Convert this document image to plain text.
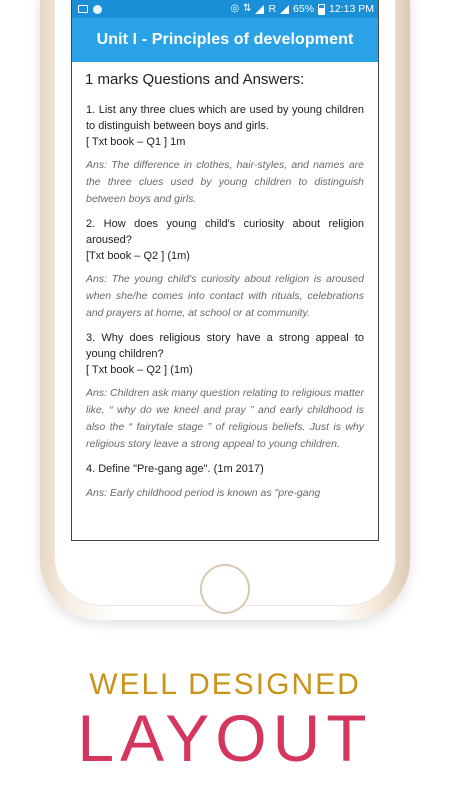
◎ ⇅ R 65% 12:13 PM
Unit I - Principles of development
1 marks Questions and Answers:
1. List any three clues which are used by young children to distinguish between boys and girls.
[ Txt book – Q1 ] 1m
Ans: The difference in clothes, hair-styles, and names are the three clues used by young children to distinguish between boys and girls.
2. How does young child's curiosity about religion aroused?
[Txt book – Q2 ] (1m)
Ans: The young child's curiosity about religion is aroused when she/he comes into contact with rituals, celebrations and prayers at home, at school or at community.
3. Why does religious story have a strong appeal to young children?
[ Txt book – Q2 ] (1m)
Ans: Children ask many question relating to religious matter like, “ why do we kneel and pray ” and early childhood is also the “ fairytale stage ” of religious beliefs. Just is why religious story leave a strong appeal to young children.
4. Define "Pre-gang age". (1m 2017)
Ans: Early childhood period is known as "pre-gang
WELL DESIGNED
LAYOUT
